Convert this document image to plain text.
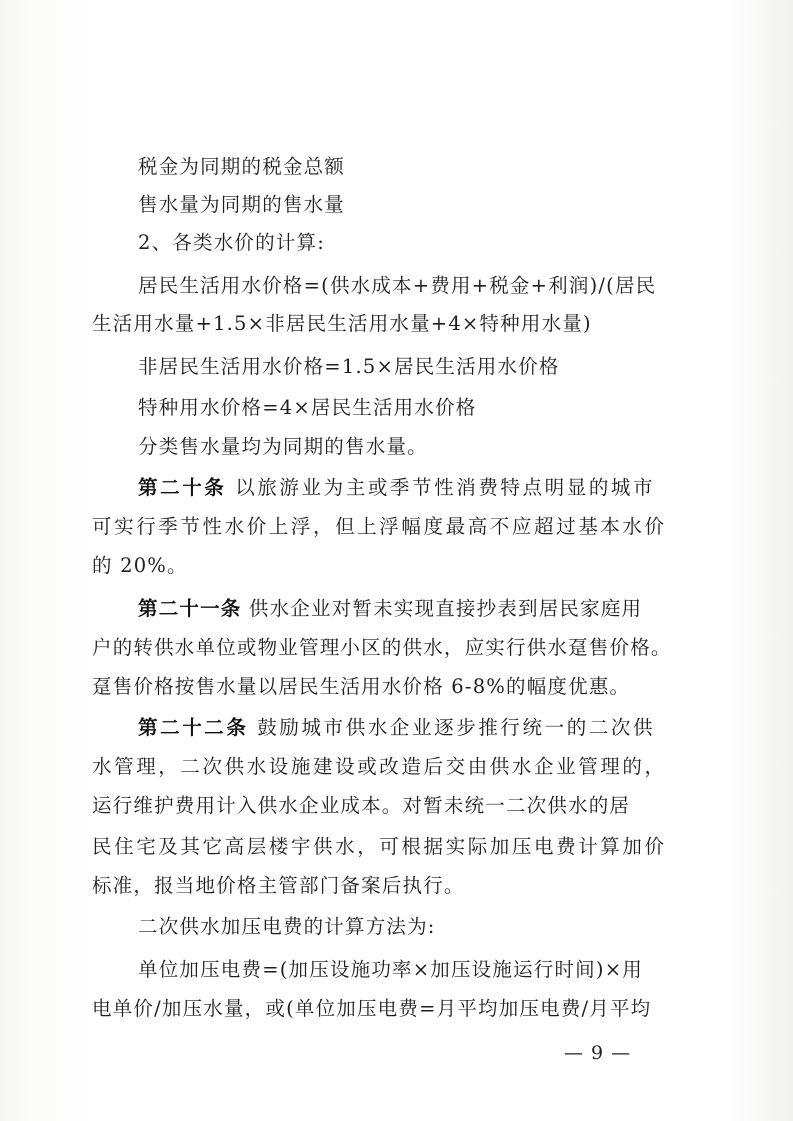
税金为同期的税金总额
售水量为同期的售水量
2、各类水价的计算:
居民生活用水价格=(供水成本+费用+税金+利润)/(居民
生活用水量+1.5×非居民生活用水量+4×特种用水量)
非居民生活用水价格=1.5×居民生活用水价格
特种用水价格=4×居民生活用水价格
分类售水量均为同期的售水量。
第二十条 以旅游业为主或季节性消费特点明显的城市
可实行季节性水价上浮，但上浮幅度最高不应超过基本水价
的 20%。
第二十一条 供水企业对暂未实现直接抄表到居民家庭用
户的转供水单位或物业管理小区的供水，应实行供水趸售价格。
趸售价格按售水量以居民生活用水价格 6-8%的幅度优惠。
第二十二条 鼓励城市供水企业逐步推行统一的二次供
水管理，二次供水设施建设或改造后交由供水企业管理的，
运行维护费用计入供水企业成本。对暂未统一二次供水的居
民住宅及其它高层楼宇供水，可根据实际加压电费计算加价
标准，报当地价格主管部门备案后执行。
二次供水加压电费的计算方法为:
单位加压电费=(加压设施功率×加压设施运行时间)×用
电单价/加压水量，或(单位加压电费=月平均加压电费/月平均
— 9 —
